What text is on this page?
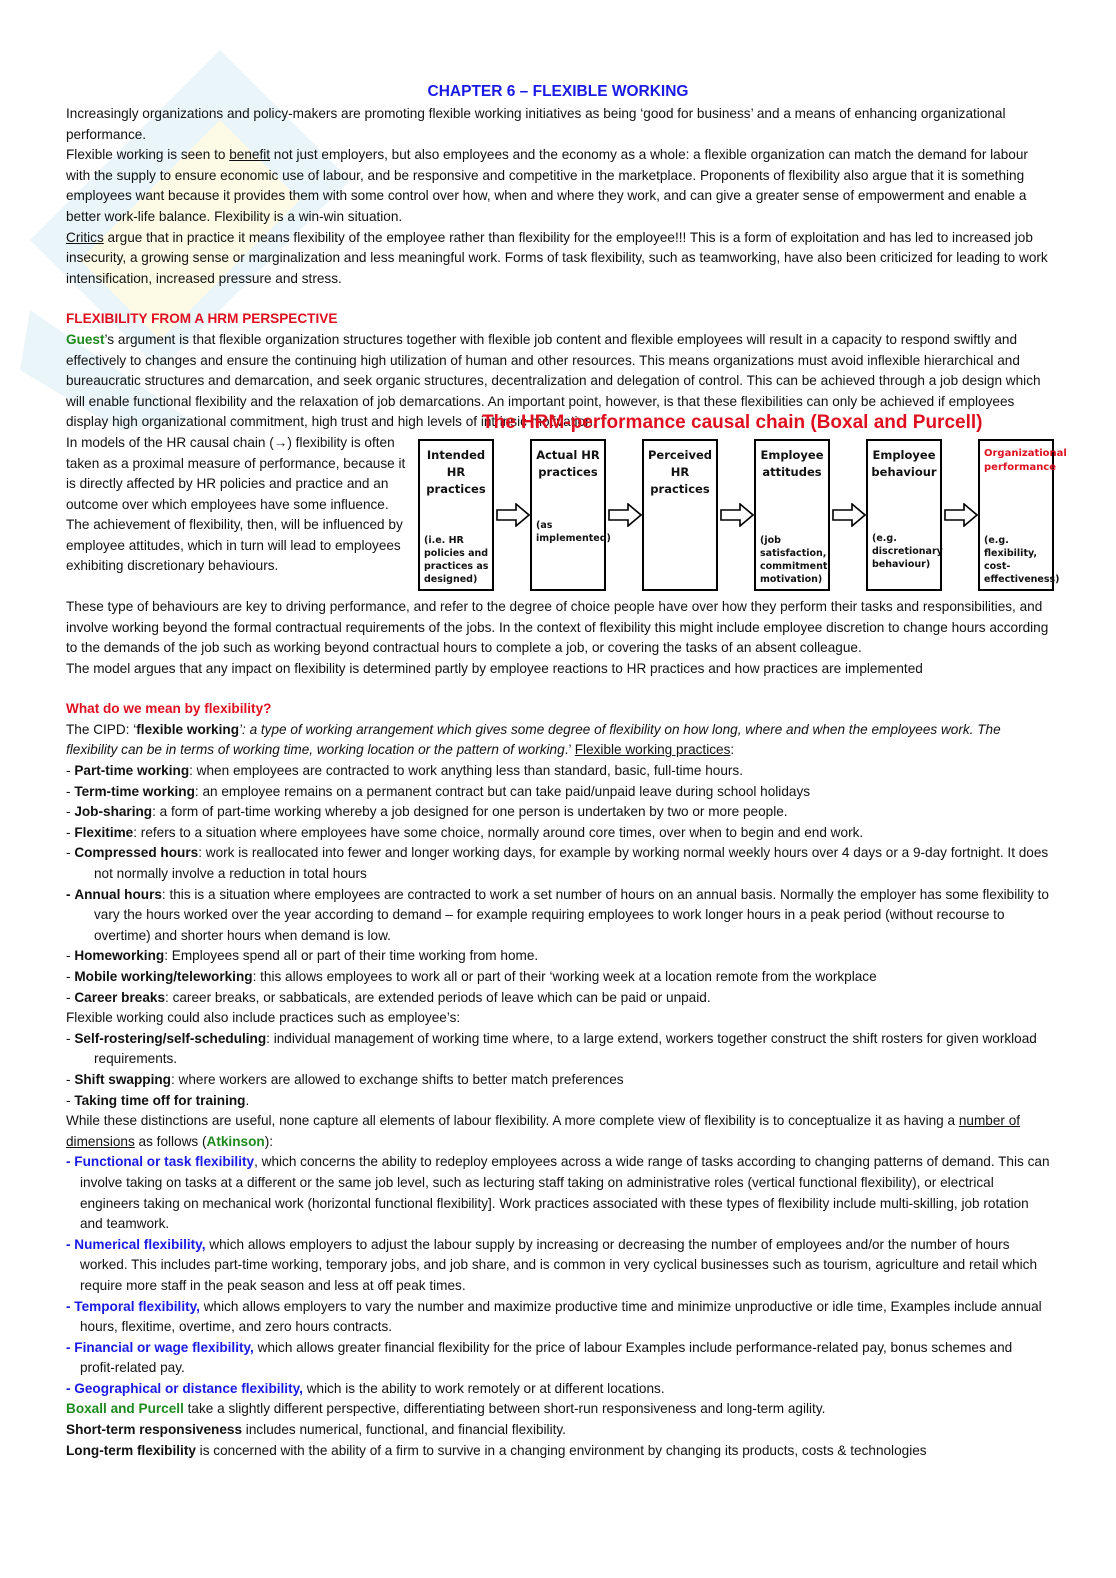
CHAPTER 6 – FLEXIBLE WORKING

Increasingly organizations and policy-makers are promoting flexible working initiatives as being ‘good for business’ and a means of enhancing organizational performance.

Flexible working is seen to benefit not just employers, but also employees and the economy as a whole: a flexible organization can match the demand for labour with the supply to ensure economic use of labour, and be responsive and competitive in the marketplace. Proponents of flexibility also argue that it is something employees want because it provides them with some control over how, when and where they work, and can give a greater sense of empowerment and enable a better work-life balance. Flexibility is a win-win situation.

Critics argue that in practice it means flexibility of the employee rather than flexibility for the employee!!! This is a form of exploitation and has led to increased job insecurity, a growing sense or marginalization and less meaningful work. Forms of task flexibility, such as teamworking, have also been criticized for leading to work intensification, increased pressure and stress.

FLEXIBILITY FROM A HRM PERSPECTIVE

Guest’s argument is that flexible organization structures together with flexible job content and flexible employees will result in a capacity to respond swiftly and effectively to changes and ensure the continuing high utilization of human and other resources. This means organizations must avoid inflexible hierarchical and bureaucratic structures and demarcation, and seek organic structures, decentralization and delegation of control. This can be achieved through a job design which will enable functional flexibility and the relaxation of job demarcations. An important point, however, is that these flexibilities can only be achieved if employees display high organizational commitment, high trust and high levels of intrinsic motivation.

In models of the HR causal chain (→) flexibility is often taken as a proximal measure of performance, because it is directly affected by HR policies and practice and an outcome over which employees have some influence. The achievement of flexibility, then, will be influenced by employee attitudes, which in turn will lead to employees exhibiting discretionary behaviours.

The HRM-performance causal chain (Boxal and Purcell)
Intended HR practices
(i.e. HR policies and practices as designed)
Actual HR practices
(as implemented)
Perceived HR practices
Employee attitudes
(job satisfaction, commitment motivation)
Employee behaviour
(e.g. discretionary behaviour)
Organizational performance
(e.g. flexibility, cost-effectiveness)

These type of behaviours are key to driving performance, and refer to the degree of choice people have over how they perform their tasks and responsibilities, and involve working beyond the formal contractual requirements of the jobs. In the context of flexibility this might include employee discretion to change hours according to the demands of the job such as working beyond contractual hours to complete a job, or covering the tasks of an absent colleague.

The model argues that any impact on flexibility is determined partly by employee reactions to HR practices and how practices are implemented

What do we mean by flexibility?

The CIPD: ‘flexible working’: a type of working arrangement which gives some degree of flexibility on how long, where and when the employees work. The flexibility can be in terms of working time, working location or the pattern of working.’ Flexible working practices:

- Part-time working: when employees are contracted to work anything less than standard, basic, full-time hours.

- Term-time working: an employee remains on a permanent contract but can take paid/unpaid leave during school holidays

- Job-sharing: a form of part-time working whereby a job designed for one person is undertaken by two or more people.

- Flexitime: refers to a situation where employees have some choice, normally around core times, over when to begin and end work.

- Compressed hours: work is reallocated into fewer and longer working days, for example by working normal weekly hours over 4 days or a 9-day fortnight. It does not normally involve a reduction in total hours

- Annual hours: this is a situation where employees are contracted to work a set number of hours on an annual basis. Normally the employer has some flexibility to vary the hours worked over the year according to demand – for example requiring employees to work longer hours in a peak period (without recourse to overtime) and shorter hours when demand is low.

- Homeworking: Employees spend all or part of their time working from home.

- Mobile working/teleworking: this allows employees to work all or part of their ‘working week at a location remote from the workplace

- Career breaks: career breaks, or sabbaticals, are extended periods of leave which can be paid or unpaid.

Flexible working could also include practices such as employee’s:

- Self-rostering/self-scheduling: individual management of working time where, to a large extend, workers together construct the shift rosters for given workload requirements.

- Shift swapping: where workers are allowed to exchange shifts to better match preferences

- Taking time off for training.

While these distinctions are useful, none capture all elements of labour flexibility. A more complete view of flexibility is to conceptualize it as having a number of dimensions as follows (Atkinson):

- Functional or task flexibility, which concerns the ability to redeploy employees across a wide range of tasks according to changing patterns of demand. This can involve taking on tasks at a different or the same job level, such as lecturing staff taking on administrative roles (vertical functional flexibility), or electrical engineers taking on mechanical work (horizontal functional flexibility]. Work practices associated with these types of flexibility include multi-skilling, job rotation and teamwork.

- Numerical flexibility, which allows employers to adjust the labour supply by increasing or decreasing the number of employees and/or the number of hours worked. This includes part-time working, temporary jobs, and job share, and is common in very cyclical businesses such as tourism, agriculture and retail which require more staff in the peak season and less at off peak times.

- Temporal flexibility, which allows employers to vary the number and maximize productive time and minimize unproductive or idle time, Examples include annual hours, flexitime, overtime, and zero hours contracts.

- Financial or wage flexibility, which allows greater financial flexibility for the price of labour Examples include performance-related pay, bonus schemes and profit-related pay.

- Geographical or distance flexibility, which is the ability to work remotely or at different locations.

Boxall and Purcell take a slightly different perspective, differentiating between short-run responsiveness and long-term agility.

Short-term responsiveness includes numerical, functional, and financial flexibility.

Long-term flexibility is concerned with the ability of a firm to survive in a changing environment by changing its products, costs & technologies
